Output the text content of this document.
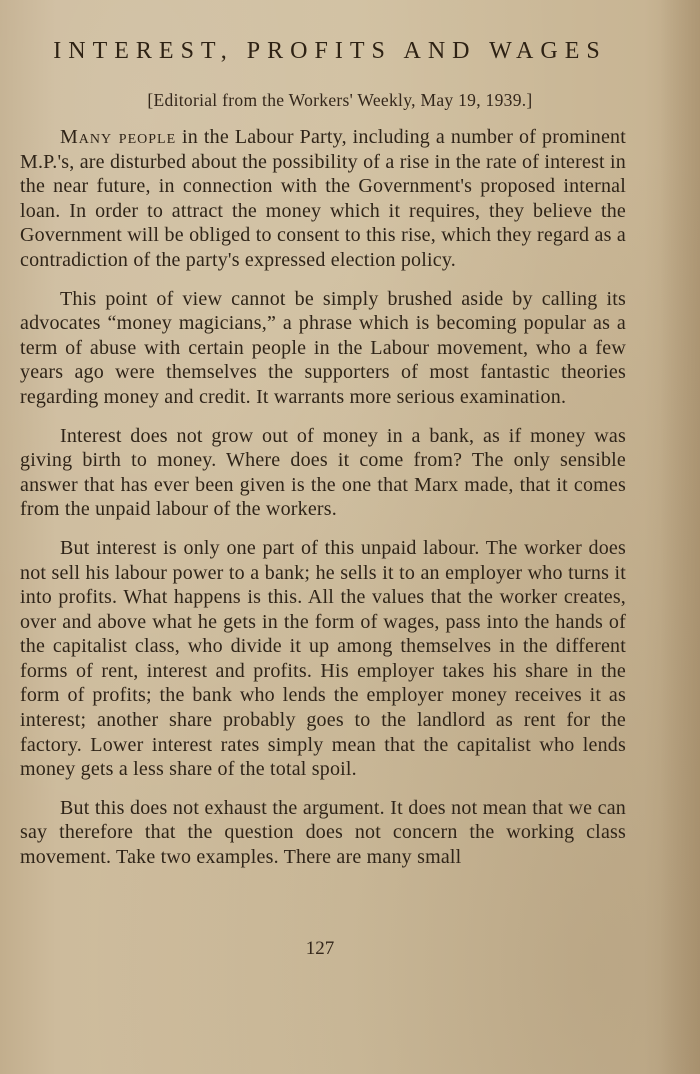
INTEREST, PROFITS AND WAGES
[Editorial from the Workers' Weekly, May 19, 1939.]

Many people in the Labour Party, including a number of prominent M.P.'s, are disturbed about the possibility of a rise in the rate of interest in the near future, in connection with the Government's proposed internal loan. In order to attract the money which it requires, they believe the Government will be obliged to consent to this rise, which they regard as a contradiction of the party's expressed election policy.

This point of view cannot be simply brushed aside by calling its advocates “money magicians,” a phrase which is becoming popular as a term of abuse with certain people in the Labour movement, who a few years ago were themselves the supporters of most fantastic theories regarding money and credit. It warrants more serious examination.

Interest does not grow out of money in a bank, as if money was giving birth to money. Where does it come from? The only sensible answer that has ever been given is the one that Marx made, that it comes from the unpaid labour of the workers.

But interest is only one part of this unpaid labour. The worker does not sell his labour power to a bank; he sells it to an employer who turns it into profits. What happens is this. All the values that the worker creates, over and above what he gets in the form of wages, pass into the hands of the capitalist class, who divide it up among themselves in the different forms of rent, interest and profits. His employer takes his share in the form of profits; the bank who lends the employer money receives it as interest; another share probably goes to the landlord as rent for the factory. Lower interest rates simply mean that the capitalist who lends money gets a less share of the total spoil.

But this does not exhaust the argument. It does not mean that we can say therefore that the question does not concern the working class movement. Take two examples. There are many small

127
